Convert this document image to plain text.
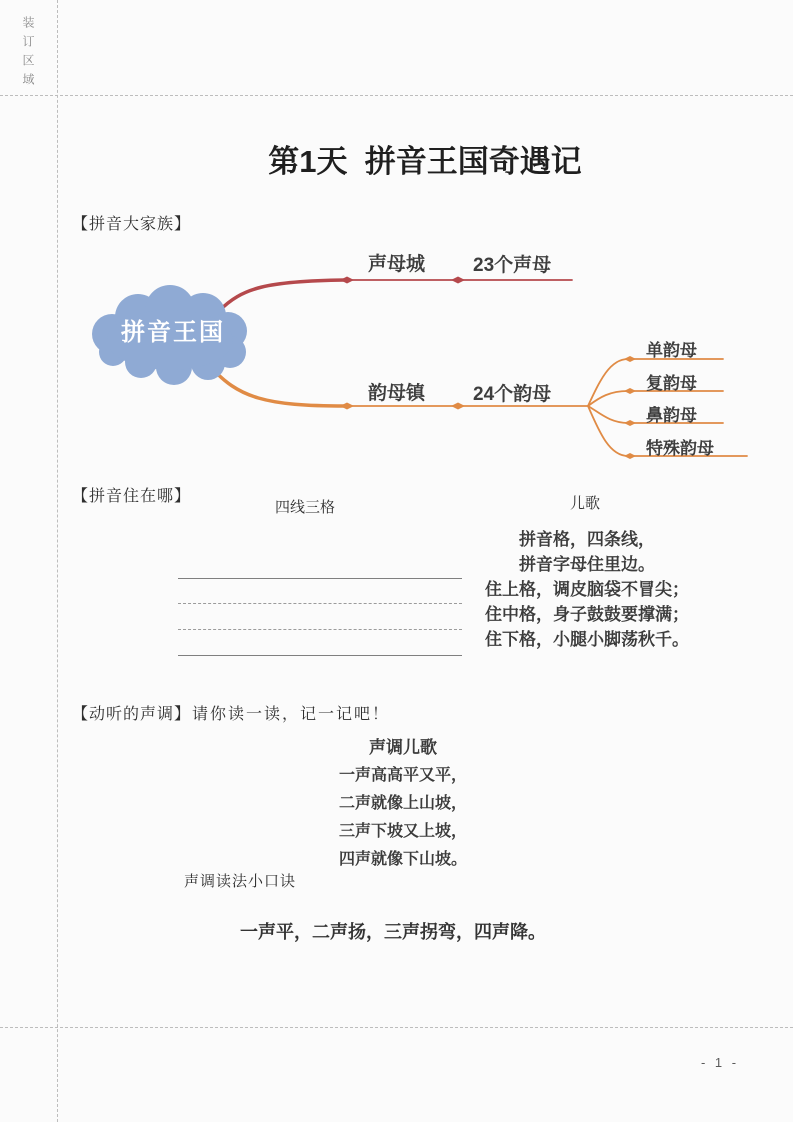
装订区域
- 1 -
第1天  拼音王国奇遇记
【拼音大家族】
拼音王国
声母城	23个声母
韵母镇	24个韵母
单韵母
复韵母
鼻韵母
特殊韵母
【拼音住在哪】
四线三格	儿歌
拼音格，四条线，
拼音字母住里边。
住上格，调皮脑袋不冒尖；
住中格，身子鼓鼓要撑满；
住下格，小腿小脚荡秋千。
【动听的声调】 请你读一读，记一记吧！
声调儿歌
一声高高平又平，
二声就像上山坡，
三声下坡又上坡，
四声就像下山坡。
声调读法小口诀
一声平，二声扬，三声拐弯，四声降。
